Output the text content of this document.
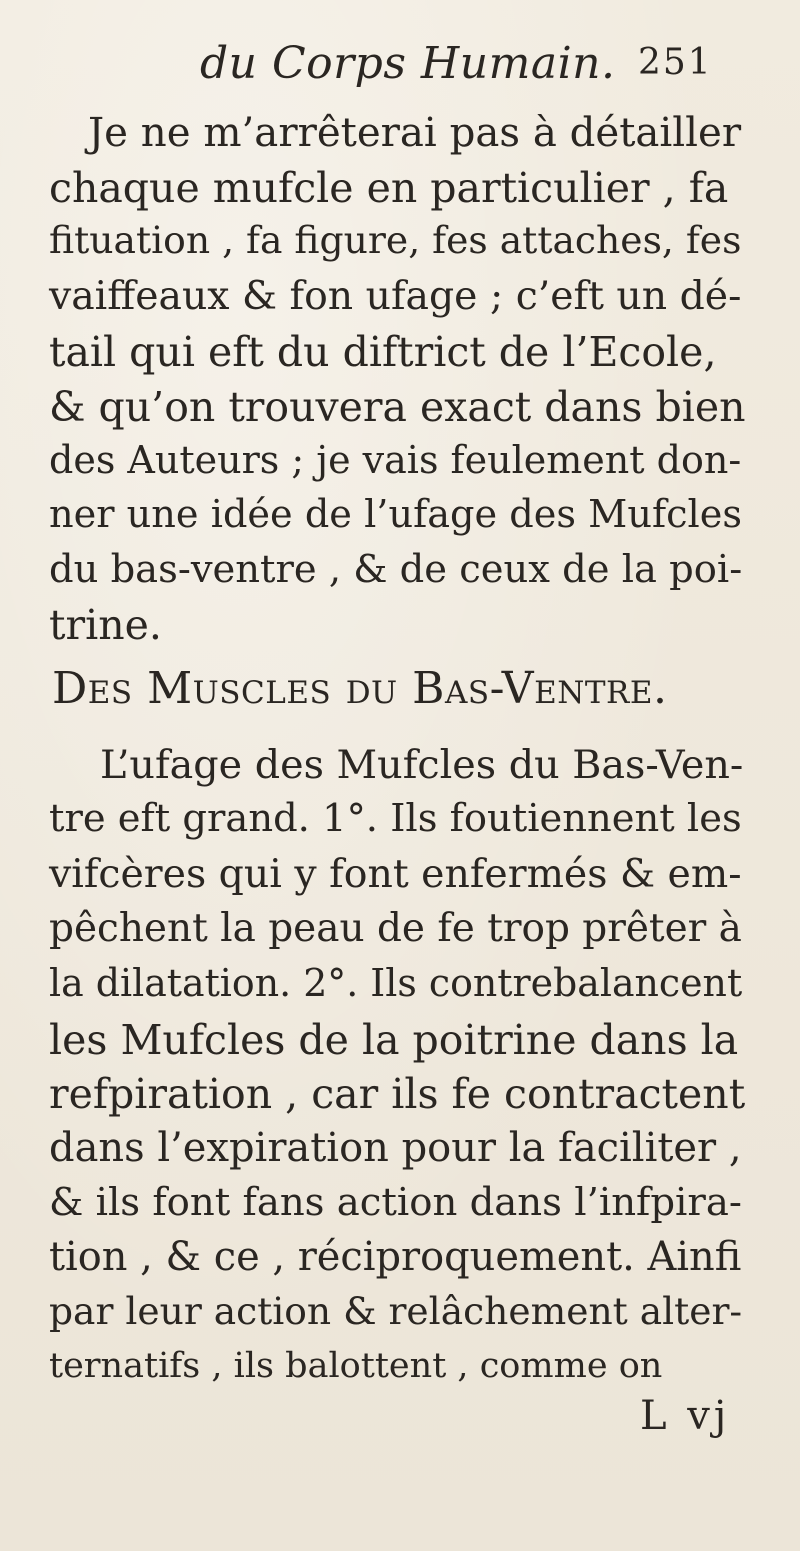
du Corps Humain. 251
Je ne m’arrêterai pas à détailler
chaque mufcle en particulier , fa
fituation , fa figure, fes attaches, fes
vaiffeaux & fon ufage ; c’eft un dé-
tail qui eft du diftrict de l’Ecole,
& qu’on trouvera exact dans bien
des Auteurs ; je vais feulement don-
ner une idée de l’ufage des Mufcles
du bas-ventre , & de ceux de la poi-
trine.
Des Muscles du Bas-Ventre.
L’ufage des Mufcles du Bas-Ven-
tre eft grand. 1°. Ils foutiennent les
vifcères qui y font enfermés & em-
pêchent la peau de fe trop prêter à
la dilatation. 2°. Ils contrebalancent
les Mufcles de la poitrine dans la
refpiration , car ils fe contractent
dans l’expiration pour la faciliter ,
& ils font fans action dans l’infpira-
tion , & ce , réciproquement. Ainfi
par leur action & relâchement alter-
ternatifs , ils balottent , comme on
L vj
